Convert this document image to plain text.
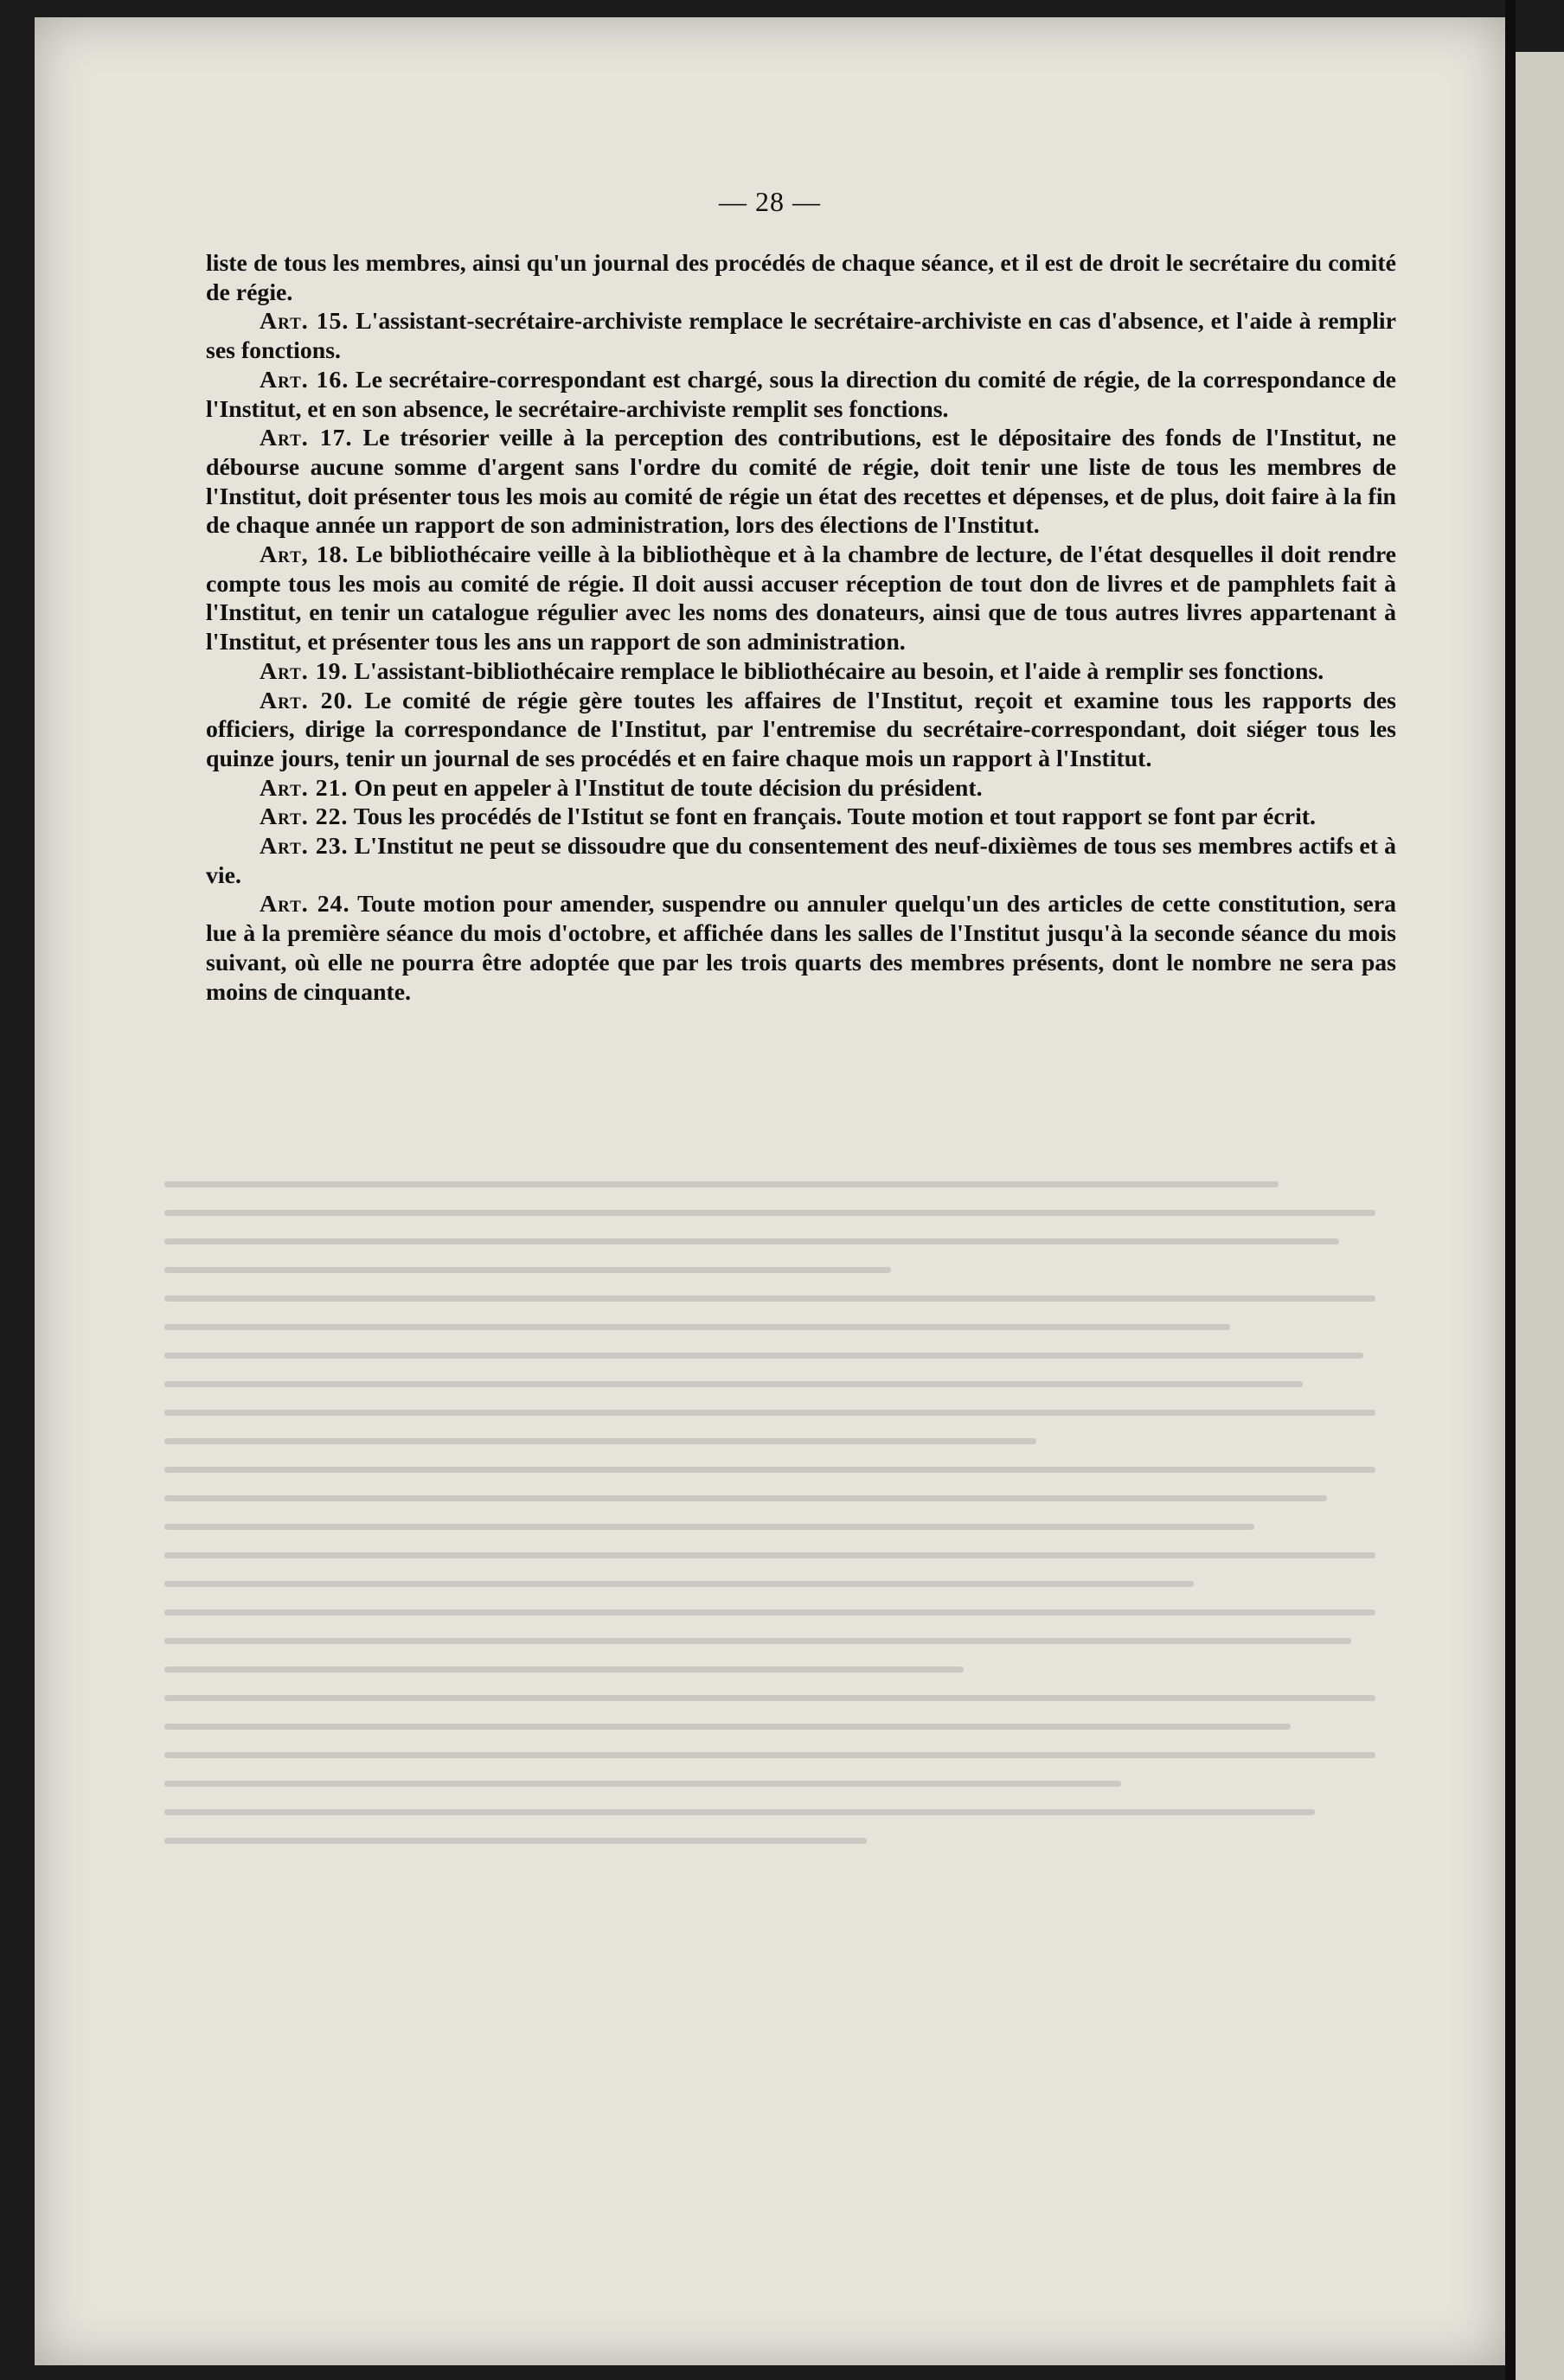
— 28 —

liste de tous les membres, ainsi qu'un journal des procédés de chaque séance, et il est de droit le secrétaire du comité de régie.

Art. 15. L'assistant-secrétaire-archiviste remplace le secrétaire-archiviste en cas d'absence, et l'aide à remplir ses fonctions.

Art. 16. Le secrétaire-correspondant est chargé, sous la direction du comité de régie, de la correspondance de l'Institut, et en son absence, le secrétaire-archiviste remplit ses fonctions.

Art. 17. Le trésorier veille à la perception des contributions, est le dépositaire des fonds de l'Institut, ne débourse aucune somme d'argent sans l'ordre du comité de régie, doit tenir une liste de tous les membres de l'Institut, doit présenter tous les mois au comité de régie un état des recettes et dépenses, et de plus, doit faire à la fin de chaque année un rapport de son administration, lors des élections de l'Institut.

Art, 18. Le bibliothécaire veille à la bibliothèque et à la chambre de lecture, de l'état desquelles il doit rendre compte tous les mois au comité de régie. Il doit aussi accuser réception de tout don de livres et de pamphlets fait à l'Institut, en tenir un catalogue régulier avec les noms des donateurs, ainsi que de tous autres livres appartenant à l'Institut, et présenter tous les ans un rapport de son administration.

Art. 19. L'assistant-bibliothécaire remplace le bibliothécaire au besoin, et l'aide à remplir ses fonctions.

Art. 20. Le comité de régie gère toutes les affaires de l'Institut, reçoit et examine tous les rapports des officiers, dirige la correspondance de l'Institut, par l'entremise du secrétaire-correspondant, doit siéger tous les quinze jours, tenir un journal de ses procédés et en faire chaque mois un rapport à l'Institut.

Art. 21. On peut en appeler à l'Institut de toute décision du président.

Art. 22. Tous les procédés de l'Istitut se font en français. Toute motion et tout rapport se font par écrit.

Art. 23. L'Institut ne peut se dissoudre que du consentement des neuf-dixièmes de tous ses membres actifs et à vie.

Art. 24. Toute motion pour amender, suspendre ou annuler quelqu'un des articles de cette constitution, sera lue à la première séance du mois d'octobre, et affichée dans les salles de l'Institut jusqu'à la seconde séance du mois suivant, où elle ne pourra être adoptée que par les trois quarts des membres présents, dont le nombre ne sera pas moins de cinquante.
